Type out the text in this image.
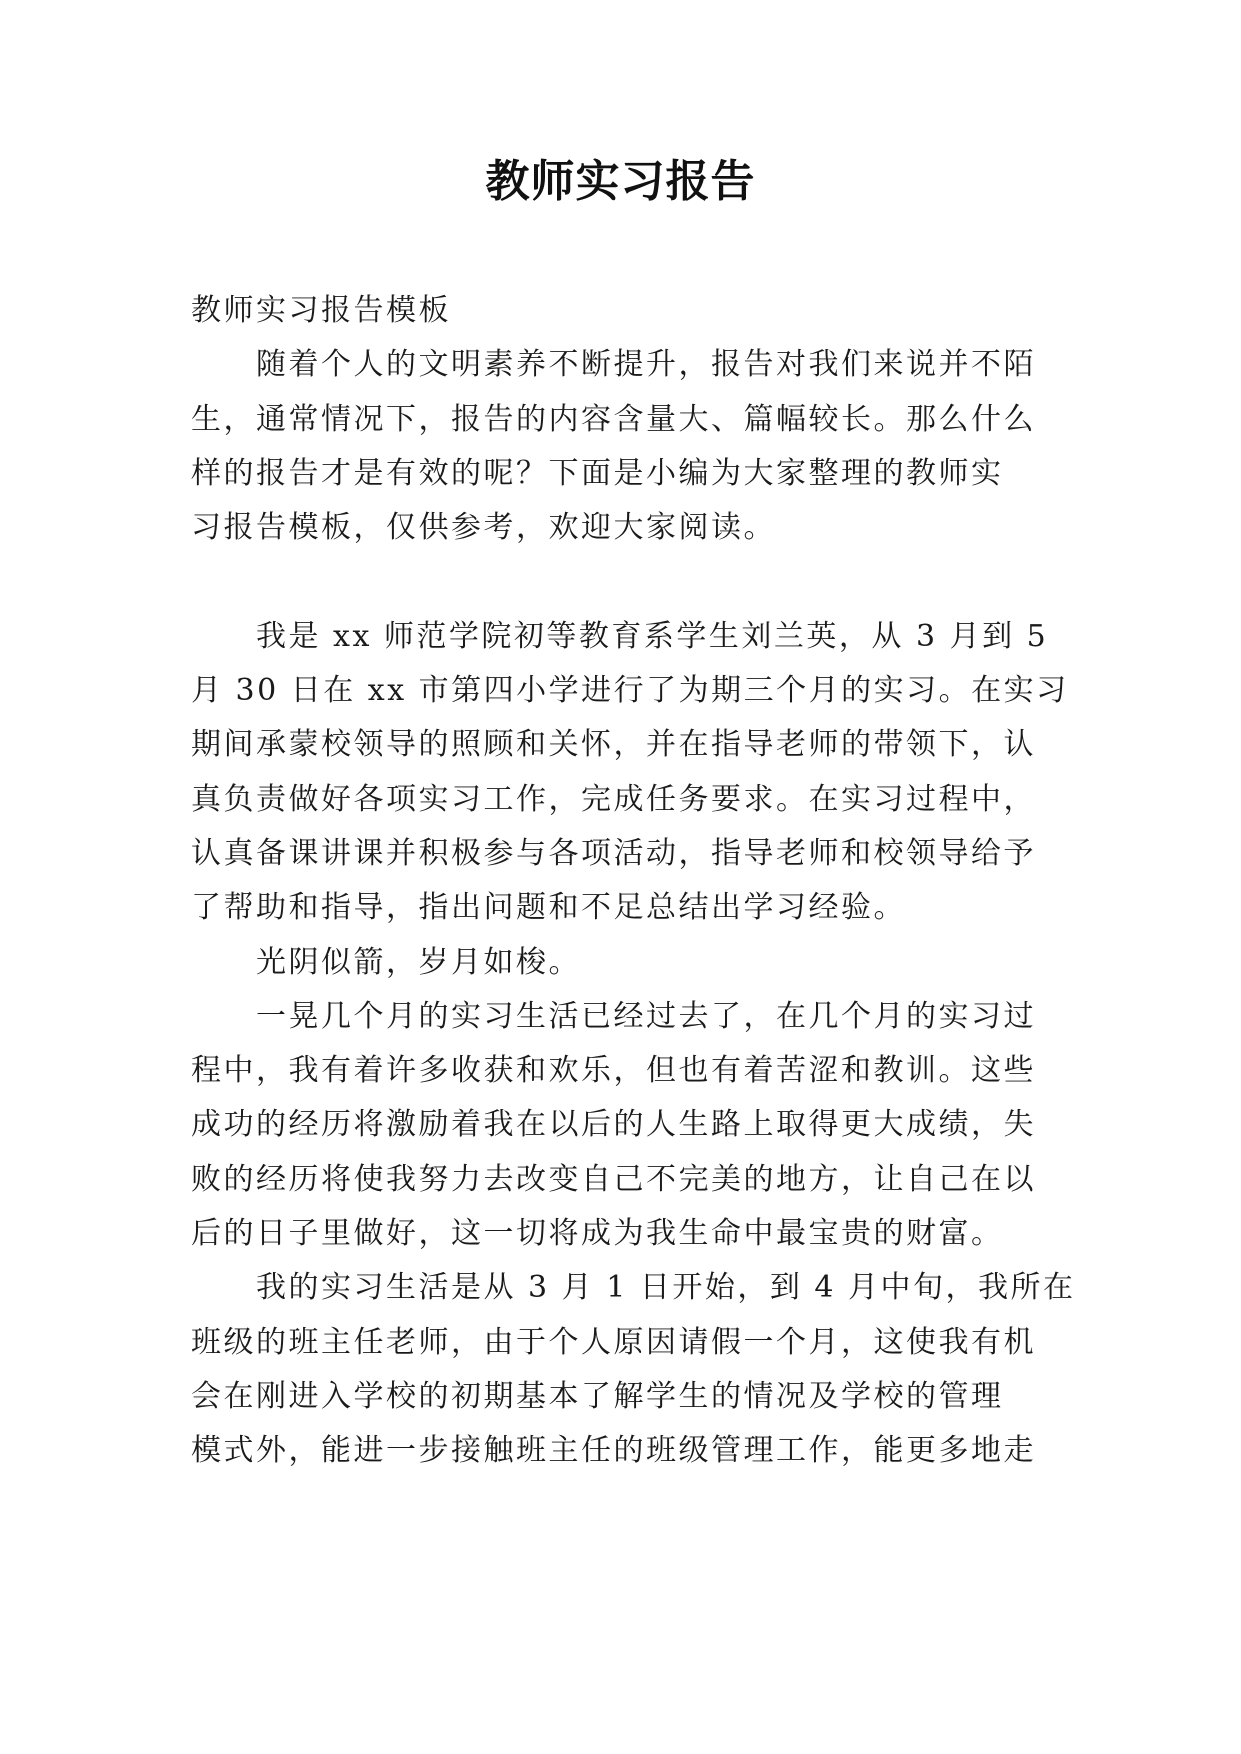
教师实习报告
教师实习报告模板
随着个人的文明素养不断提升，报告对我们来说并不陌
生，通常情况下，报告的内容含量大、篇幅较长。那么什么
样的报告才是有效的呢？下面是小编为大家整理的教师实
习报告模板，仅供参考，欢迎大家阅读。
我是 xx 师范学院初等教育系学生刘兰英，从 3 月到 5
月 30 日在 xx 市第四小学进行了为期三个月的实习。在实习
期间承蒙校领导的照顾和关怀，并在指导老师的带领下，认
真负责做好各项实习工作，完成任务要求。在实习过程中，
认真备课讲课并积极参与各项活动，指导老师和校领导给予
了帮助和指导，指出问题和不足总结出学习经验。
光阴似箭，岁月如梭。
一晃几个月的实习生活已经过去了，在几个月的实习过
程中，我有着许多收获和欢乐，但也有着苦涩和教训。这些
成功的经历将激励着我在以后的人生路上取得更大成绩，失
败的经历将使我努力去改变自己不完美的地方，让自己在以
后的日子里做好，这一切将成为我生命中最宝贵的财富。
我的实习生活是从 3 月 1 日开始，到 4 月中旬，我所在
班级的班主任老师，由于个人原因请假一个月，这使我有机
会在刚进入学校的初期基本了解学生的情况及学校的管理
模式外，能进一步接触班主任的班级管理工作，能更多地走
